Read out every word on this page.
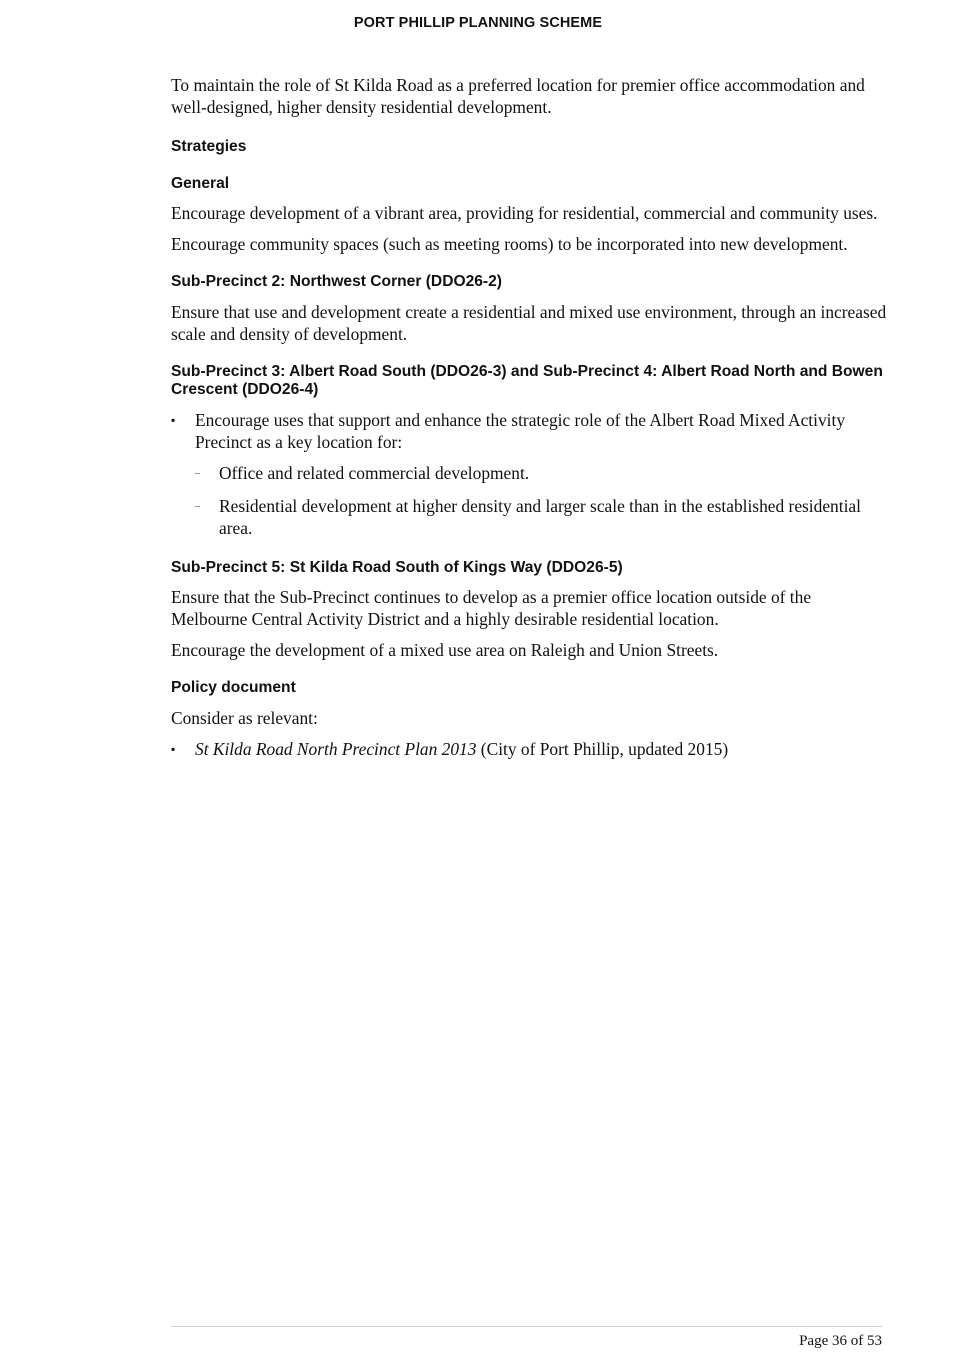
PORT PHILLIP PLANNING SCHEME

To maintain the role of St Kilda Road as a preferred location for premier office accommodation and well-designed, higher density residential development.

Strategies
General

Encourage development of a vibrant area, providing for residential, commercial and community uses.

Encourage community spaces (such as meeting rooms) to be incorporated into new development.

Sub-Precinct 2: Northwest Corner (DDO26-2)

Ensure that use and development create a residential and mixed use environment, through an increased scale and density of development.

Sub-Precinct 3: Albert Road South (DDO26-3) and Sub-Precinct 4: Albert Road North and Bowen Crescent (DDO26-4)
▪ Encourage uses that support and enhance the strategic role of the Albert Road Mixed Activity Precinct as a key location for:
– Office and related commercial development.
– Residential development at higher density and larger scale than in the established residential area.
Sub-Precinct 5: St Kilda Road South of Kings Way (DDO26-5)

Ensure that the Sub-Precinct continues to develop as a premier office location outside of the Melbourne Central Activity District and a highly desirable residential location.

Encourage the development of a mixed use area on Raleigh and Union Streets.

Policy document

Consider as relevant:

▪ St Kilda Road North Precinct Plan 2013 (City of Port Phillip, updated 2015)
Page 36 of 53
